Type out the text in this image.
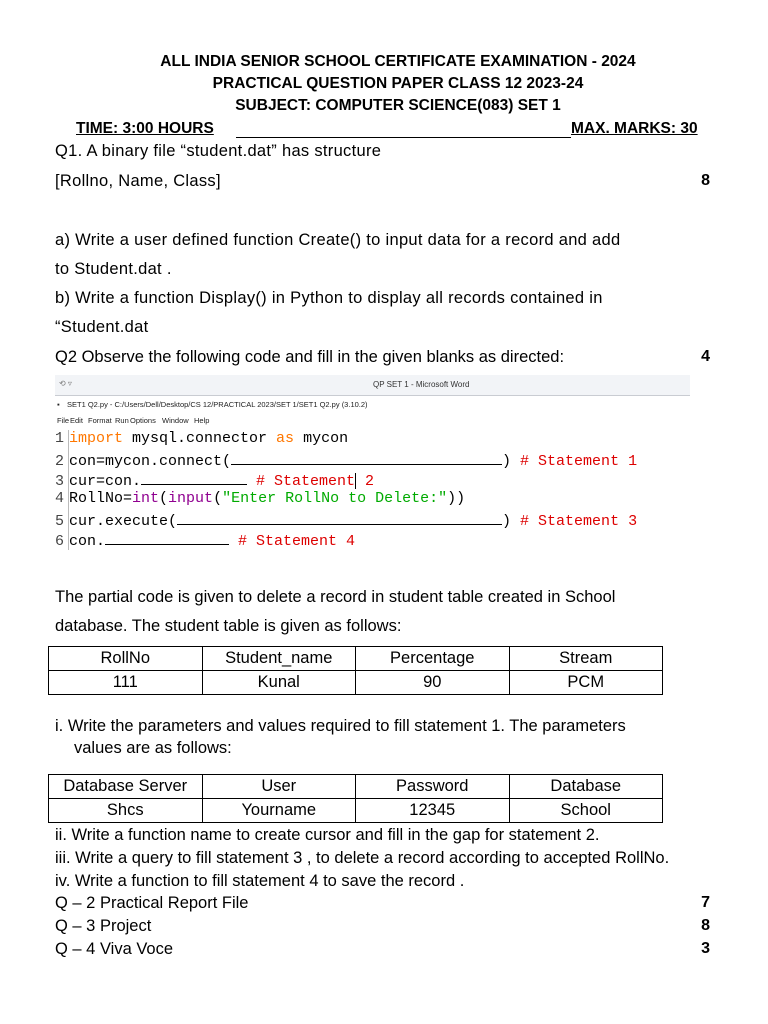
ALL INDIA SENIOR SCHOOL CERTIFICATE EXAMINATION - 2024
PRACTICAL QUESTION PAPER CLASS 12 2023-24
SUBJECT: COMPUTER SCIENCE(083) SET 1
TIME: 3:00 HOURS	MAX. MARKS: 30
Q1. A binary file “student.dat” has structure
[Rollno, Name, Class]	8
a) Write a user defined function Create() to input data for a record and add
to Student.dat .
b) Write a function Display() in Python to display all records contained in
“Student.dat
Q2 Observe the following code and fill in the given blanks as directed:	4
⟲ ▿	QP SET 1 - Microsoft Word
▪ SET1 Q2.py - C:/Users/Dell/Desktop/CS 12/PRACTICAL 2023/SET 1/SET1 Q2.py (3.10.2)
File Edit Format Run Options Window Help
1 import mysql.connector as mycon
2 con=mycon.connect(	) # Statement 1
3 cur=con.	# Statement 2
4 RollNo=int(input("Enter RollNo to Delete:"))
5 cur.execute(	) # Statement 3
6 con.	# Statement 4
The partial code is given to delete a record in student table created in School
database. The student table is given as follows:
RollNo	Student_name	Percentage	Stream
111	Kunal	90	PCM
i. Write the parameters and values required to fill statement 1. The parameters
values are as follows:
Database Server	User	Password	Database
Shcs	Yourname	12345	School
ii. Write a function name to create cursor and fill in the gap for statement 2.
iii. Write a query to fill statement 3 , to delete a record according to accepted RollNo.
iv. Write a function to fill statement 4 to save the record .
Q – 2 Practical Report File	7
Q – 3 Project	8
Q – 4 Viva Voce	3
